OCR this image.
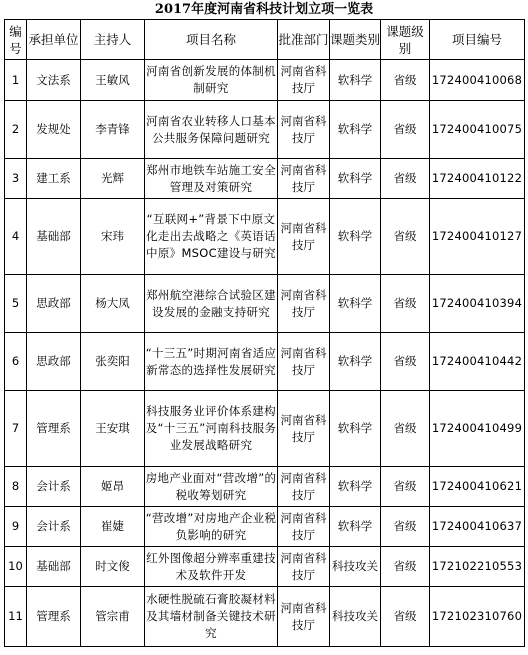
2017年度河南省科技计划立项一览表
编号	承担单位	主持人	项目名称	批准部门	课题类别	课题级别	项目编号
1	文法系	王敏风	河南省创新发展的体制机制研究	河南省科技厅	软科学	省级	172400410068
2	发规处	李青锋	河南省农业转移人口基本公共服务保障问题研究	河南省科技厅	软科学	省级	172400410075
3	建工系	光辉	郑州市地铁车站施工安全管理及对策研究	河南省科技厅	软科学	省级	172400410122
4	基础部	宋玮	“互联网+”背景下中原文化走出去战略之《英语话中原》MSOC建设与研究	河南省科技厅	软科学	省级	172400410127
5	思政部	杨大凤	郑州航空港综合试验区建设发展的金融支持研究	河南省科技厅	软科学	省级	172400410394
6	思政部	张奕阳	“十三五”时期河南省适应新常态的选择性发展研究	河南省科技厅	软科学	省级	172400410442
7	管理系	王安琪	科技服务业评价体系建构及“十三五”河南科技服务业发展战略研究	河南省科技厅	软科学	省级	172400410499
8	会计系	姬昂	房地产业面对“营改增”的税收筹划研究	河南省科技厅	软科学	省级	172400410621
9	会计系	崔婕	“营改增”对房地产企业税负影响的研究	河南省科技厅	软科学	省级	172400410637
10	基础部	时文俊	红外图像超分辨率重建技术及软件开发	河南省科技厅	科技攻关	省级	172102210553
11	管理系	管宗甫	水硬性脱硫石膏胶凝材料及其墙材制备关键技术研究	河南省科技厅	科技攻关	省级	172102310760
